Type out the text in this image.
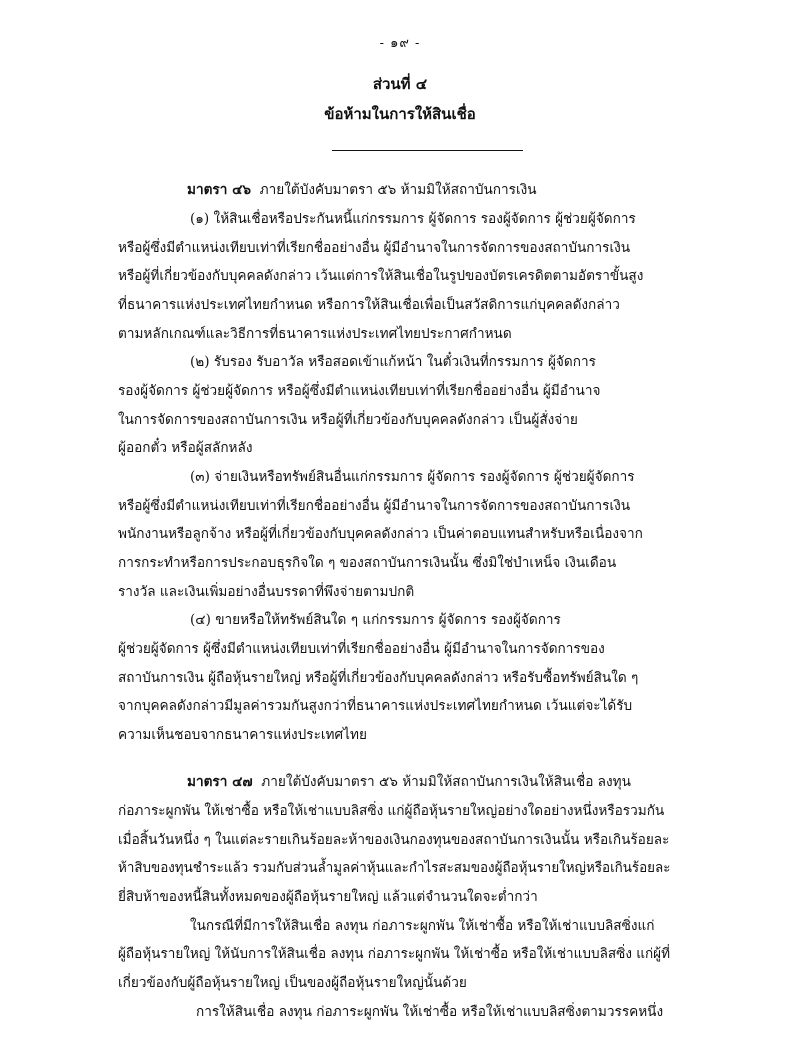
- ๑๙ -
ส่วนที่ ๔
ข้อห้ามในการให้สินเชื่อ
มาตรา ๔๖ ภายใต้บังคับมาตรา ๕๖ ห้ามมิให้สถาบันการเงิน
(๑) ให้สินเชื่อหรือประกันหนี้แก่กรรมการ ผู้จัดการ รองผู้จัดการ ผู้ช่วยผู้จัดการ
หรือผู้ซึ่งมีตำแหน่งเทียบเท่าที่เรียกชื่ออย่างอื่น ผู้มีอำนาจในการจัดการของสถาบันการเงิน
หรือผู้ที่เกี่ยวข้องกับบุคคลดังกล่าว เว้นแต่การให้สินเชื่อในรูปของบัตรเครดิตตามอัตราขั้นสูง
ที่ธนาคารแห่งประเทศไทยกำหนด หรือการให้สินเชื่อเพื่อเป็นสวัสดิการแก่บุคคลดังกล่าว
ตามหลักเกณฑ์และวิธีการที่ธนาคารแห่งประเทศไทยประกาศกำหนด
(๒) รับรอง รับอาวัล หรือสอดเข้าแก้หน้า ในตั๋วเงินที่กรรมการ ผู้จัดการ
รองผู้จัดการ ผู้ช่วยผู้จัดการ หรือผู้ซึ่งมีตำแหน่งเทียบเท่าที่เรียกชื่ออย่างอื่น ผู้มีอำนาจ
ในการจัดการของสถาบันการเงิน หรือผู้ที่เกี่ยวข้องกับบุคคลดังกล่าว เป็นผู้สั่งจ่าย
ผู้ออกตั๋ว หรือผู้สลักหลัง
(๓) จ่ายเงินหรือทรัพย์สินอื่นแก่กรรมการ ผู้จัดการ รองผู้จัดการ ผู้ช่วยผู้จัดการ
หรือผู้ซึ่งมีตำแหน่งเทียบเท่าที่เรียกชื่ออย่างอื่น ผู้มีอำนาจในการจัดการของสถาบันการเงิน
พนักงานหรือลูกจ้าง หรือผู้ที่เกี่ยวข้องกับบุคคลดังกล่าว เป็นค่าตอบแทนสำหรับหรือเนื่องจาก
การกระทำหรือการประกอบธุรกิจใด ๆ ของสถาบันการเงินนั้น ซึ่งมิใช่บำเหน็จ เงินเดือน
รางวัล และเงินเพิ่มอย่างอื่นบรรดาที่พึงจ่ายตามปกติ
(๔) ขายหรือให้ทรัพย์สินใด ๆ แก่กรรมการ ผู้จัดการ รองผู้จัดการ
ผู้ช่วยผู้จัดการ ผู้ซึ่งมีตำแหน่งเทียบเท่าที่เรียกชื่ออย่างอื่น ผู้มีอำนาจในการจัดการของ
สถาบันการเงิน ผู้ถือหุ้นรายใหญ่ หรือผู้ที่เกี่ยวข้องกับบุคคลดังกล่าว หรือรับซื้อทรัพย์สินใด ๆ
จากบุคคลดังกล่าวมีมูลค่ารวมกันสูงกว่าที่ธนาคารแห่งประเทศไทยกำหนด เว้นแต่จะได้รับ
ความเห็นชอบจากธนาคารแห่งประเทศไทย
มาตรา ๔๗ ภายใต้บังคับมาตรา ๕๖ ห้ามมิให้สถาบันการเงินให้สินเชื่อ ลงทุน
ก่อภาระผูกพัน ให้เช่าซื้อ หรือให้เช่าแบบลิสซิ่ง แก่ผู้ถือหุ้นรายใหญ่อย่างใดอย่างหนึ่งหรือรวมกัน
เมื่อสิ้นวันหนึ่ง ๆ ในแต่ละรายเกินร้อยละห้าของเงินกองทุนของสถาบันการเงินนั้น หรือเกินร้อยละ
ห้าสิบของทุนชำระแล้ว รวมกับส่วนล้ำมูลค่าหุ้นและกำไรสะสมของผู้ถือหุ้นรายใหญ่หรือเกินร้อยละ
ยี่สิบห้าของหนี้สินทั้งหมดของผู้ถือหุ้นรายใหญ่ แล้วแต่จำนวนใดจะต่ำกว่า
ในกรณีที่มีการให้สินเชื่อ ลงทุน ก่อภาระผูกพัน ให้เช่าซื้อ หรือให้เช่าแบบลิสซิ่งแก่
ผู้ถือหุ้นรายใหญ่ ให้นับการให้สินเชื่อ ลงทุน ก่อภาระผูกพัน ให้เช่าซื้อ หรือให้เช่าแบบลิสซิ่ง แก่ผู้ที่
เกี่ยวข้องกับผู้ถือหุ้นรายใหญ่ เป็นของผู้ถือหุ้นรายใหญ่นั้นด้วย
การให้สินเชื่อ ลงทุน ก่อภาระผูกพัน ให้เช่าซื้อ หรือให้เช่าแบบลิสซิ่งตามวรรคหนึ่ง
